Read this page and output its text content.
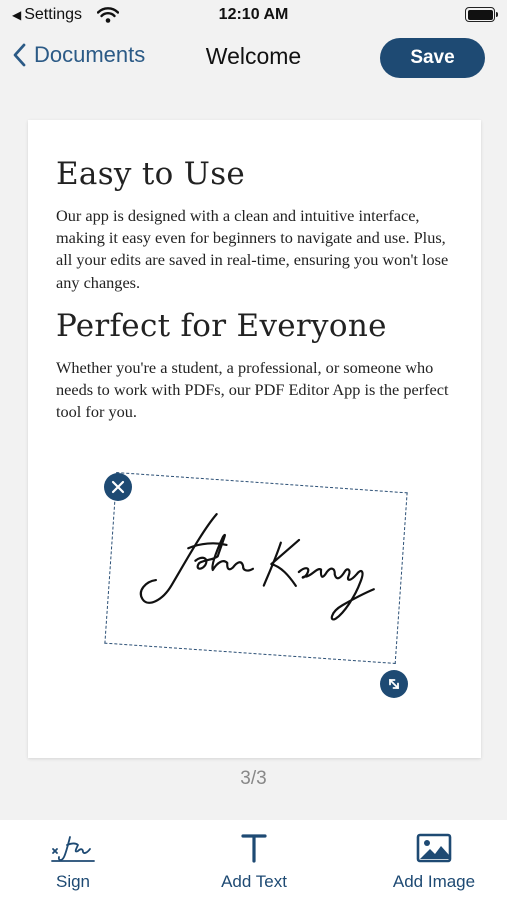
◀ Settings	12:10 AM
Documents	Welcome	Save
Easy to Use
Our app is designed with a clean and intuitive interface, making it easy even for beginners to navigate and use. Plus, all your edits are saved in real-time, ensuring you won't lose any changes.
Perfect for Everyone
Whether you're a student, a professional, or someone who needs to work with PDFs, our PDF Editor App is the perfect tool for you.
3/3
Sign	Add Text	Add Image
